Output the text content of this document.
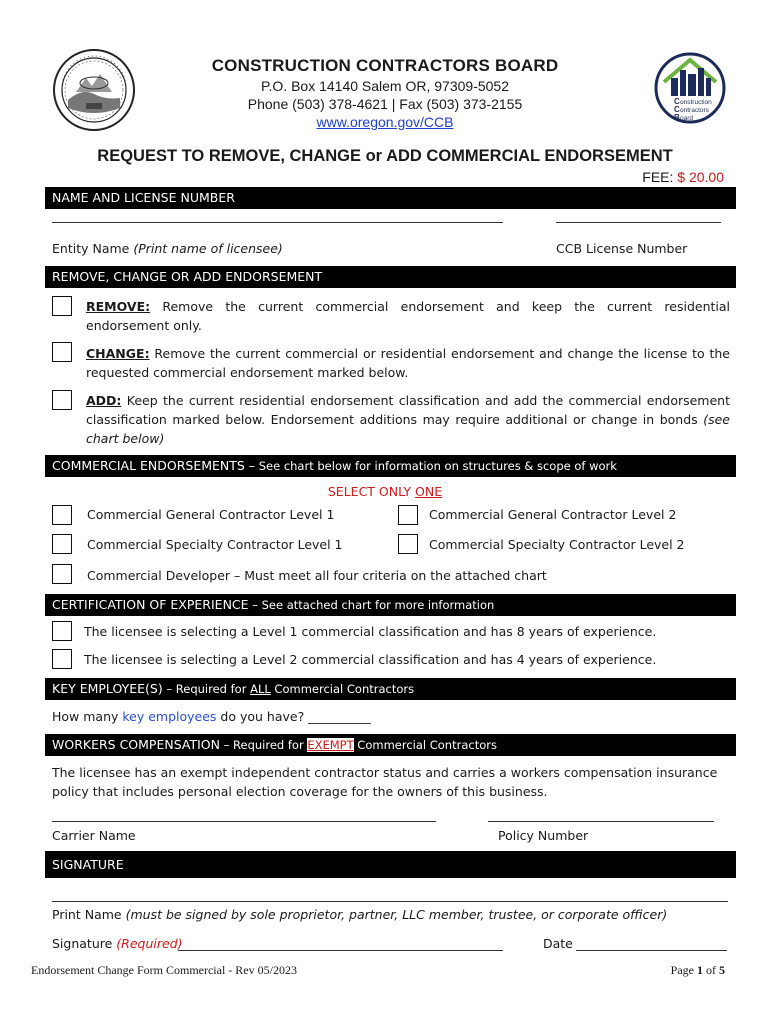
C onstruction
C ontractors
B oard
CONSTRUCTION CONTRACTORS BOARD
P.O. Box 14140 Salem OR, 97309-5052
Phone (503) 378-4621 | Fax (503) 373-2155
www.oregon.gov/CCB
REQUEST TO REMOVE, CHANGE or ADD COMMERCIAL ENDORSEMENT
FEE: $ 20.00
NAME AND LICENSE NUMBER
Entity Name (Print name of licensee)	CCB License Number
REMOVE, CHANGE OR ADD ENDORSEMENT
REMOVE: Remove the current commercial endorsement and keep the current residential endorsement only.
CHANGE: Remove the current commercial or residential endorsement and change the license to the requested commercial endorsement marked below.
ADD: Keep the current residential endorsement classification and add the commercial endorsement classification marked below. Endorsement additions may require additional or change in bonds (see chart below)
COMMERCIAL ENDORSEMENTS – See chart below for information on structures & scope of work
SELECT ONLY ONE
Commercial General Contractor Level 1	Commercial General Contractor Level 2
Commercial Specialty Contractor Level 1	Commercial Specialty Contractor Level 2
Commercial Developer – Must meet all four criteria on the attached chart
CERTIFICATION OF EXPERIENCE – See attached chart for more information
The licensee is selecting a Level 1 commercial classification and has 8 years of experience.
The licensee is selecting a Level 2 commercial classification and has 4 years of experience.
KEY EMPLOYEE(S) – Required for ALL Commercial Contractors
How many key employees do you have? __________
WORKERS COMPENSATION – Required for EXEMPT Commercial Contractors
The licensee has an exempt independent contractor status and carries a workers compensation insurance policy that includes personal election coverage for the owners of this business.
Carrier Name	Policy Number
SIGNATURE
Print Name (must be signed by sole proprietor, partner, LLC member, trustee, or corporate officer)
Signature (Required)	Date
Endorsement Change Form Commercial - Rev 05/2023	Page 1 of 5
